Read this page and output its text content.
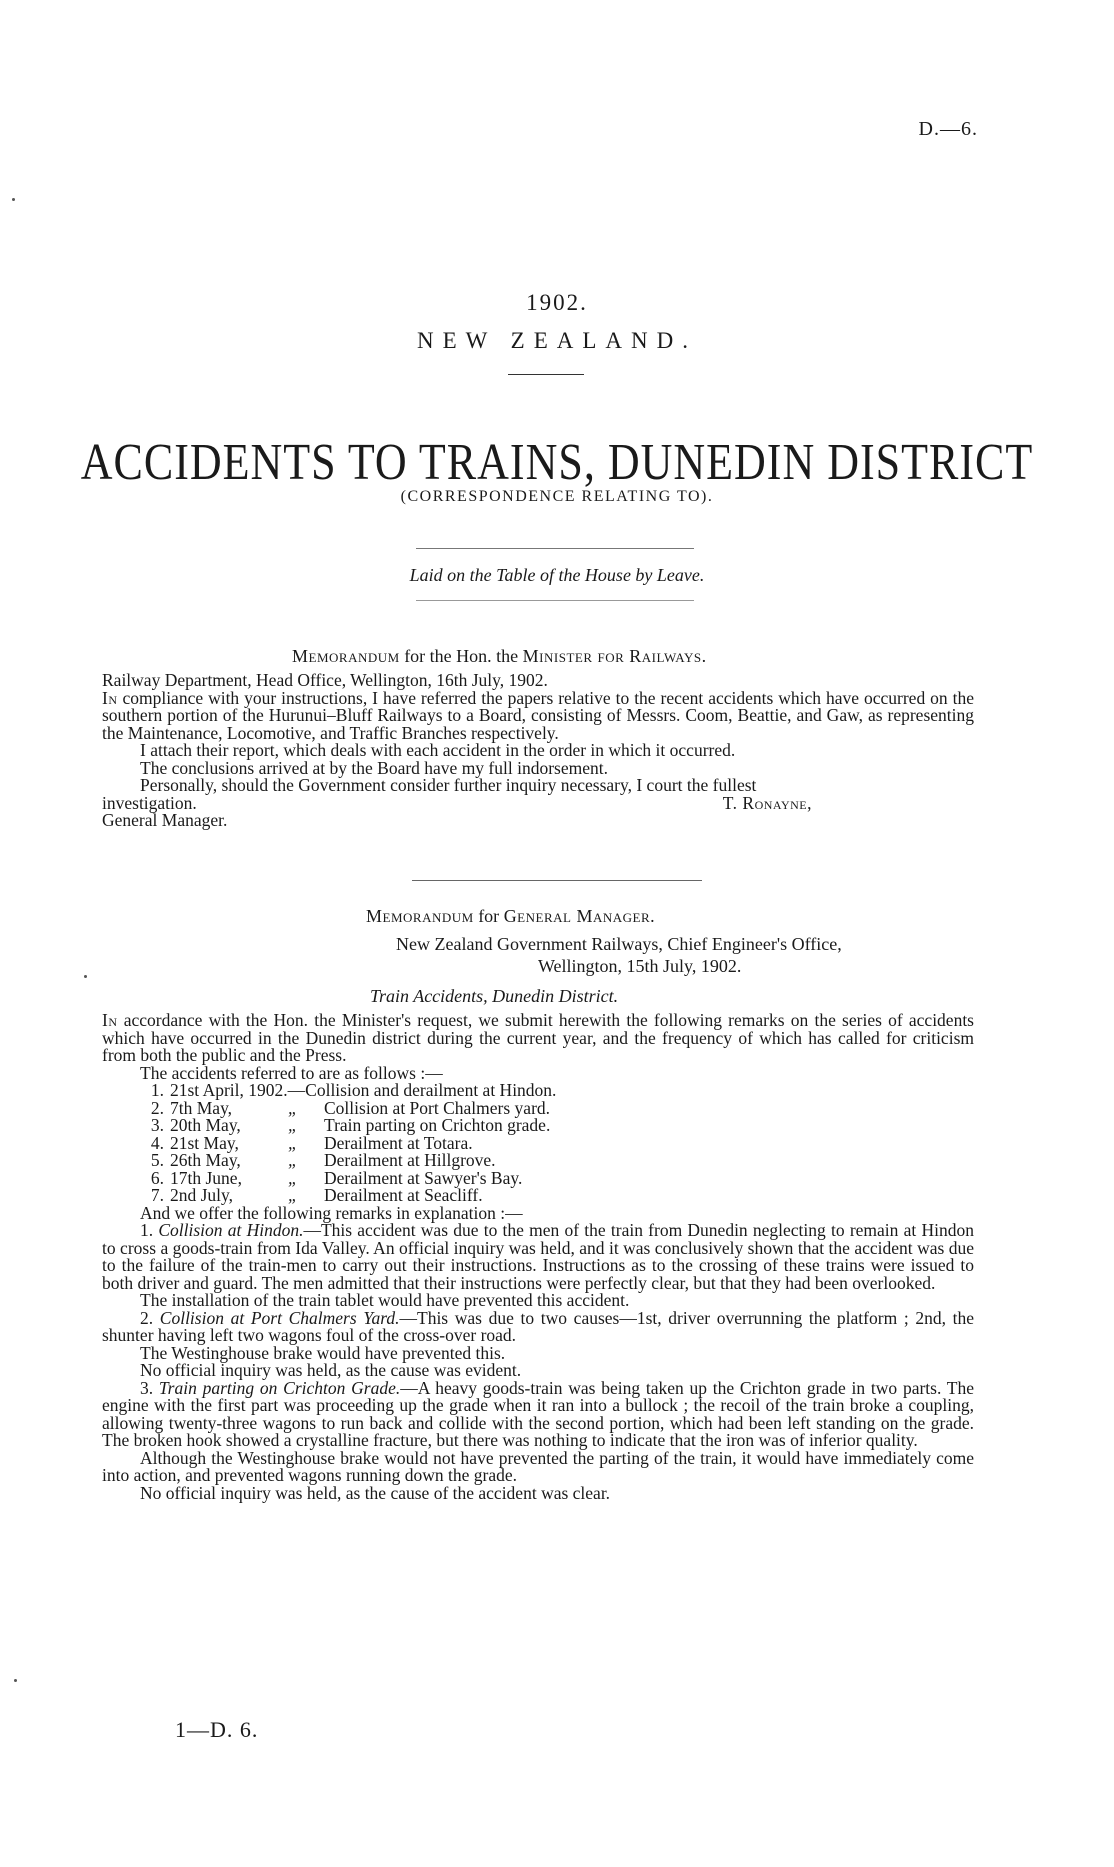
D.—6.
1902.
NEW ZEALAND.
ACCIDENTS TO TRAINS, DUNEDIN DISTRICT
(CORRESPONDENCE RELATING TO).
Laid on the Table of the House by Leave.
Memorandum for the Hon. the Minister for Railways.

Railway Department, Head Office, Wellington, 16th July, 1902.

In compliance with your instructions, I have referred the papers relative to the recent accidents which have occurred on the southern portion of the Hurunui–Bluff Railways to a Board, consisting of Messrs. Coom, Beattie, and Gaw, as representing the Maintenance, Locomotive, and Traffic Branches respectively.

I attach their report, which deals with each accident in the order in which it occurred.

The conclusions arrived at by the Board have my full indorsement.

Personally, should the Government consider further inquiry necessary, I court the fullest

investigation.	T. Ronayne,

General Manager.

Memorandum for General Manager.
New Zealand Government Railways, Chief Engineer's Office,
Wellington, 15th July, 1902.
Train Accidents, Dunedin District.

In accordance with the Hon. the Minister's request, we submit herewith the following remarks on the series of accidents which have occurred in the Dunedin district during the current year, and the frequency of which has called for criticism from both the public and the Press.

The accidents referred to are as follows :—

1. 21st April, 1902.— Collision and derailment at Hindon.
2. 7th May,	„	Collision at Port Chalmers yard.
3. 20th May,	„	Train parting on Crichton grade.
4. 21st May,	„	Derailment at Totara.
5. 26th May,	„	Derailment at Hillgrove.
6. 17th June,	„	Derailment at Sawyer's Bay.
7. 2nd July,	„	Derailment at Seacliff.

And we offer the following remarks in explanation :—

1. Collision at Hindon.—This accident was due to the men of the train from Dunedin neglecting to remain at Hindon to cross a goods-train from Ida Valley. An official inquiry was held, and it was conclusively shown that the accident was due to the failure of the train-men to carry out their instructions. Instructions as to the crossing of these trains were issued to both driver and guard. The men admitted that their instructions were perfectly clear, but that they had been overlooked.

The installation of the train tablet would have prevented this accident.

2. Collision at Port Chalmers Yard.—This was due to two causes—1st, driver overrunning the platform ; 2nd, the shunter having left two wagons foul of the cross-over road.

The Westinghouse brake would have prevented this.

No official inquiry was held, as the cause was evident.

3. Train parting on Crichton Grade.—A heavy goods-train was being taken up the Crichton grade in two parts. The engine with the first part was proceeding up the grade when it ran into a bullock ; the recoil of the train broke a coupling, allowing twenty-three wagons to run back and collide with the second portion, which had been left standing on the grade. The broken hook showed a crystalline fracture, but there was nothing to indicate that the iron was of inferior quality.

Although the Westinghouse brake would not have prevented the parting of the train, it would have immediately come into action, and prevented wagons running down the grade.

No official inquiry was held, as the cause of the accident was clear.

1—D. 6.
